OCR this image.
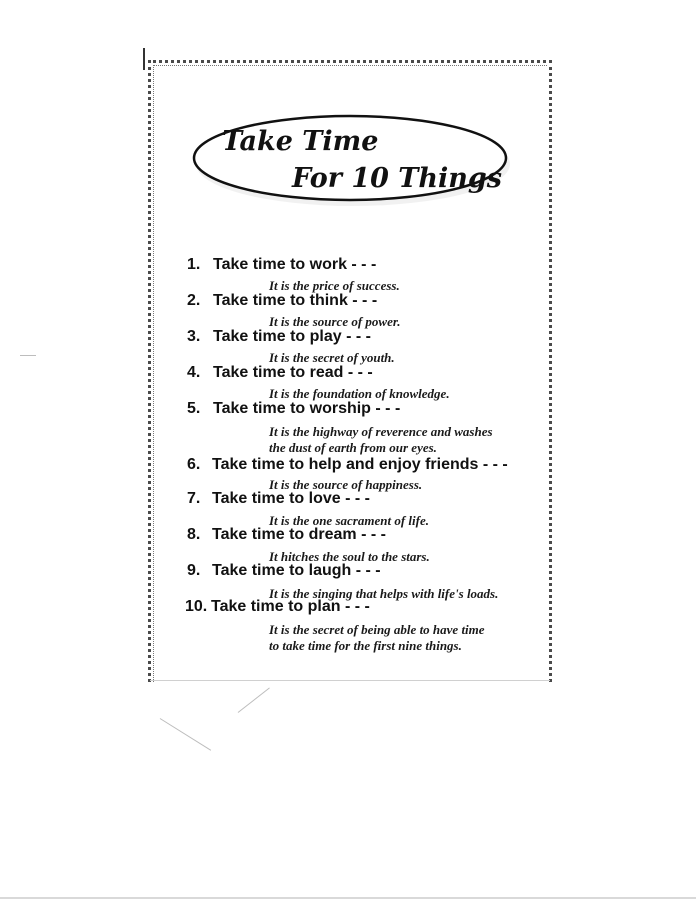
Take Time
For 10 Things
1. Take time to work - - -
It is the price of success.
2. Take time to think - - -
It is the source of power.
3. Take time to play - - -
It is the secret of youth.
4. Take time to read - - -
It is the foundation of knowledge.
5. Take time to worship - - -
It is the highway of reverence and washes
the dust of earth from our eyes.
6. Take time to help and enjoy friends - - -
It is the source of happiness.
7. Take time to love - - -
It is the one sacrament of life.
8. Take time to dream - - -
It hitches the soul to the stars.
9. Take time to laugh - - -
It is the singing that helps with life's loads.
10. Take time to plan - - -
It is the secret of being able to have time
to take time for the first nine things.
